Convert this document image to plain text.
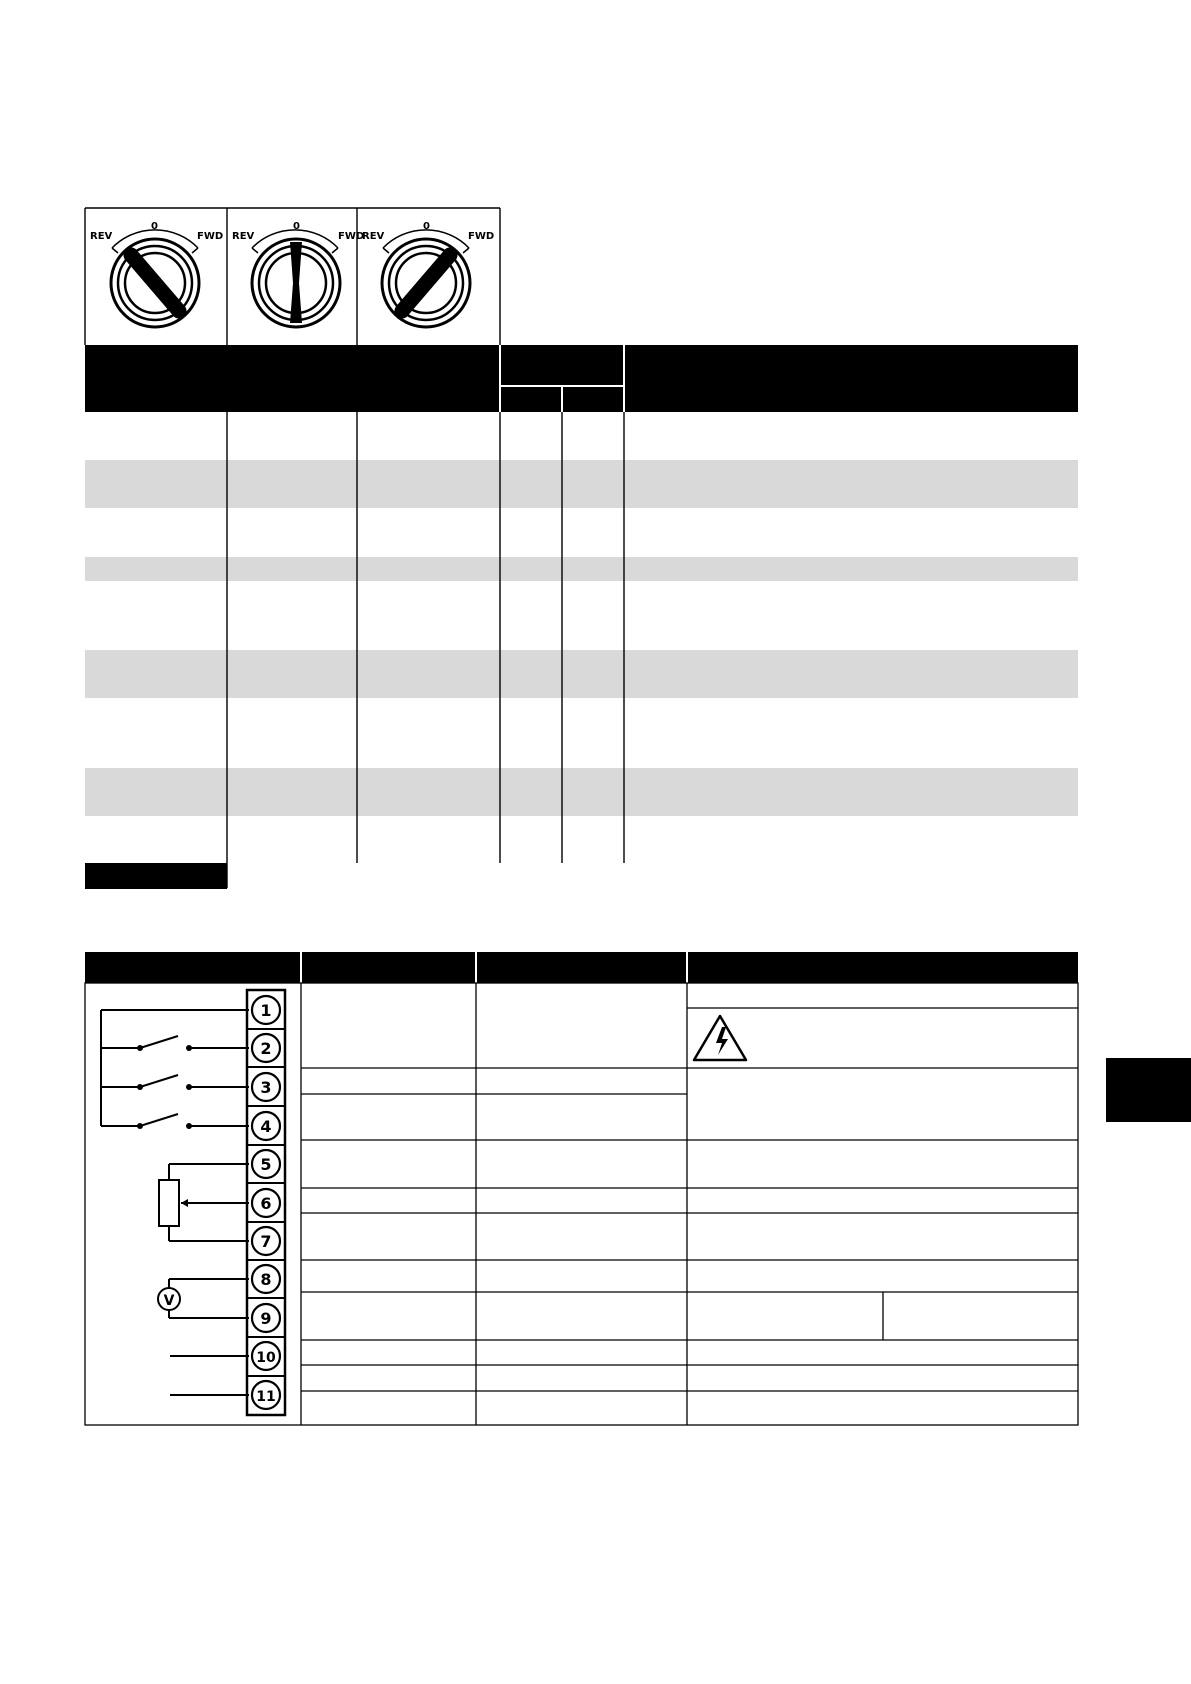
REV
0
FWD REV
0
FWD
REV
0
FWD
1
2
3
4
5
6
7
8
9
10
11
V
